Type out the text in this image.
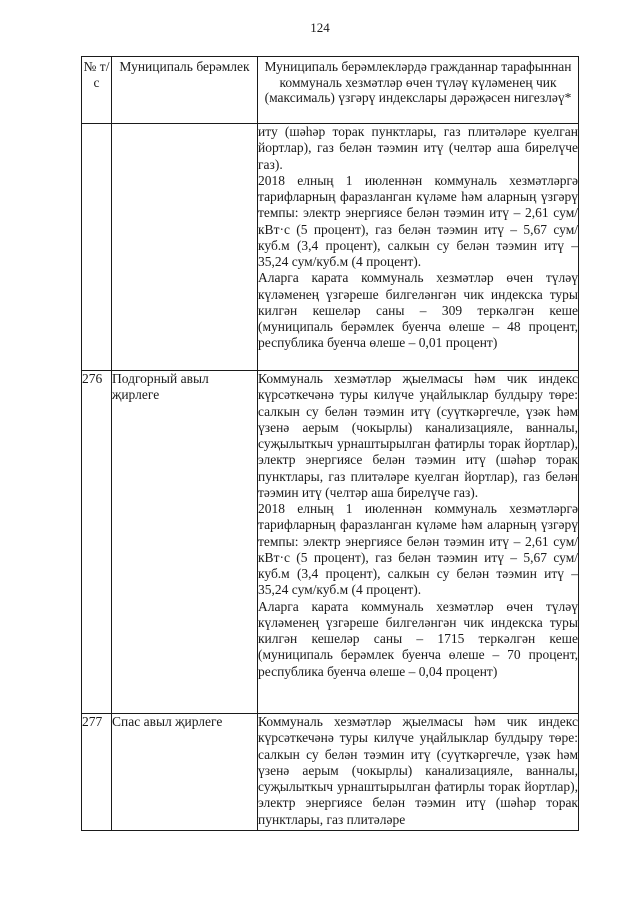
124
№ т/с	Муниципаль берәмлек	Муниципаль берәмлекләрдә гражданнар тарафыннан коммуналь хезмәтләр өчен түләү күләменең чик (максималь) үзгәрү индекслары дәрәҗәсен нигезләү*

		иту (шәһәр торак пунктлары, газ плитәләре куелган йортлар), газ белән тәэмин итү (челтәр аша бирелүче газ).

2018 елның 1 июленнән коммуналь хезмәтләргә тарифларның фаразланган күләме һәм аларның үзгәрү темпы: электр энергиясе белән тәэмин итү – 2,61 сум/кВт·с (5 процент), газ белән тәэмин итү – 5,67 сум/куб.м (3,4 процент), салкын су белән тәэмин итү – 35,24 сум/куб.м (4 процент).

Аларга карата коммуналь хезмәтләр өчен түләү күләменең үзгәреше билгеләнгән чик индекска туры килгән кешеләр саны – 309 теркәлгән кеше (муниципаль берәмлек буенча өлеше – 48 процент, республика буенча өлеше – 0,01 процент)

276	Подгорный авыл җирлеге	Коммуналь хезмәтләр җыелмасы һәм чик индекс күрсәткечәнә туры килүче уңайлыклар булдыру төре: салкын су белән тәэмин итү (суүткәргечле, үзәк һәм үзенә аерым (чокырлы) канализацияле, ванналы, суҗылыткыч урнаштырылган фатирлы торак йортлар), электр энергиясе белән тәэмин итү (шәһәр торак пунктлары, газ плитәләре куелган йортлар), газ белән тәэмин итү (челтәр аша бирелүче газ).

2018 елның 1 июленнән коммуналь хезмәтләргә тарифларның фаразланган күләме һәм аларның үзгәрү темпы: электр энергиясе белән тәэмин итү – 2,61 сум/кВт·с (5 процент), газ белән тәэмин итү – 5,67 сум/куб.м (3,4 процент), салкын су белән тәэмин итү – 35,24 сум/куб.м (4 процент).

Аларга карата коммуналь хезмәтләр өчен түләү күләменең үзгәреше билгеләнгән чик индекска туры килгән кешеләр саны – 1715 теркәлгән кеше (муниципаль берәмлек буенча өлеше – 70 процент, республика буенча өлеше – 0,04 процент)

277	Спас авыл җирлеге	Коммуналь хезмәтләр җыелмасы һәм чик индекс күрсәткечәнә туры килүче уңайлыклар булдыру төре: салкын су белән тәэмин итү (суүткәргечле, үзәк һәм үзенә аерым (чокырлы) канализацияле, ванналы, суҗылыткыч урнаштырылган фатирлы торак йортлар), электр энергиясе белән тәэмин итү (шәһәр торак пунктлары, газ плитәләре
